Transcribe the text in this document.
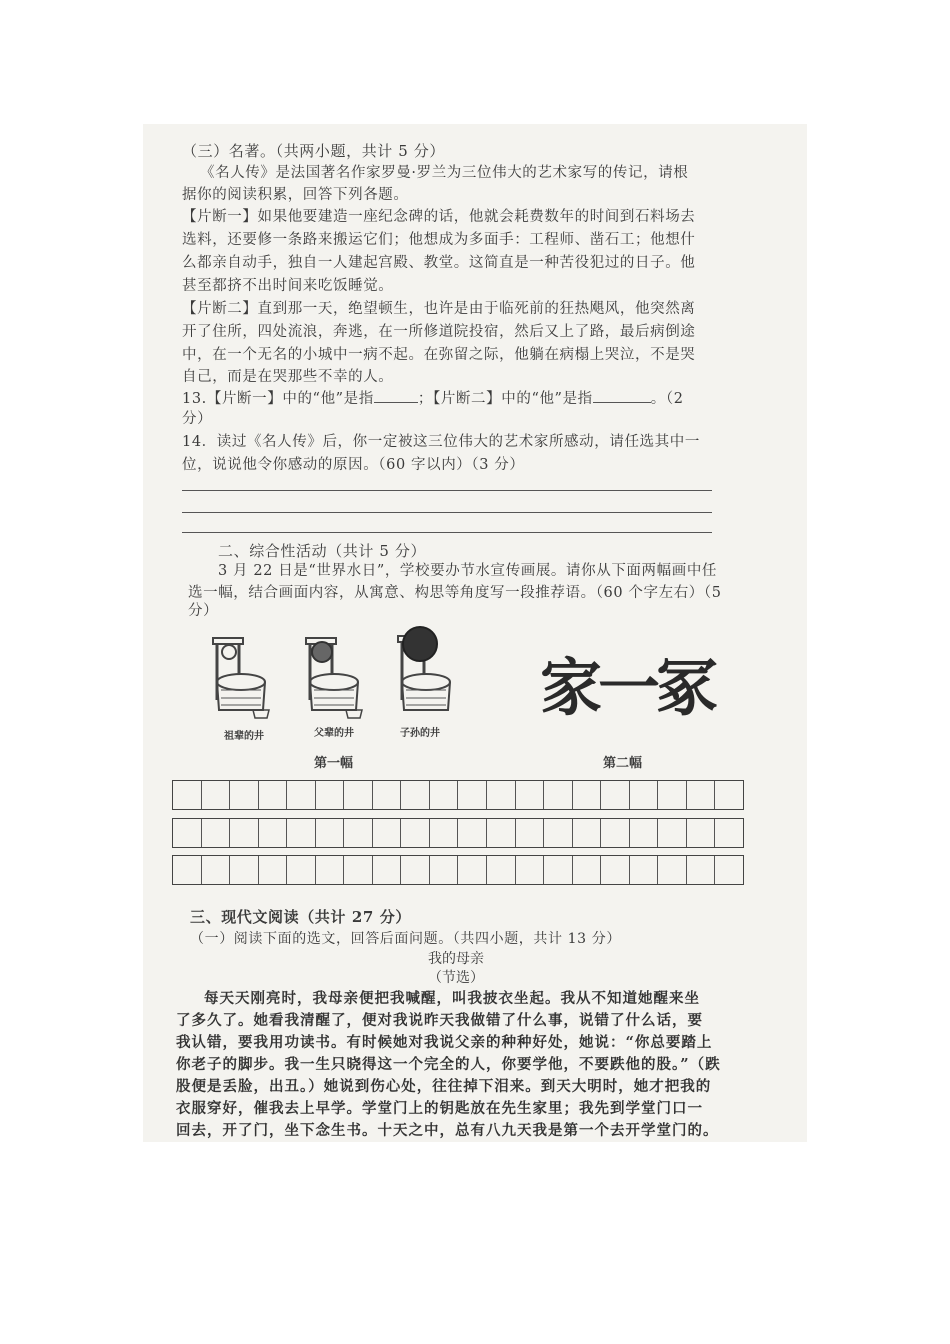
（三）名著。（共两小题，共计 5 分）
《名人传》是法国著名作家罗曼·罗兰为三位伟大的艺术家写的传记，请根
据你的阅读积累，回答下列各题。
【片断一】如果他要建造一座纪念碑的话，他就会耗费数年的时间到石料场去
选料，还要修一条路来搬运它们；他想成为多面手：工程师、凿石工；他想什
么都亲自动手，独自一人建起宫殿、教堂。这简直是一种苦役犯过的日子。他
甚至都挤不出时间来吃饭睡觉。
【片断二】直到那一天，绝望顿生，也许是由于临死前的狂热飓风，他突然离
开了住所，四处流浪，奔逃，在一所修道院投宿，然后又上了路，最后病倒途
中，在一个无名的小城中一病不起。在弥留之际，他躺在病榻上哭泣，不是哭
自己，而是在哭那些不幸的人。
13.【片断一】中的“他”是指	；【片断二】中的“他”是指	。（2
分）
14．读过《名人传》后，你一定被这三位伟大的艺术家所感动，请任选其中一
位，说说他令你感动的原因。（60 字以内）（3 分）
二、综合性活动（共计 5 分）
3 月 22 日是“世界水日”，学校要办节水宣传画展。请你从下面两幅画中任
选一幅，结合画面内容，从寓意、构思等角度写一段推荐语。（60 个字左右）（5
分）
祖辈的井	父辈的井	子孙的井
家一冢
第一幅	第二幅
三、现代文阅读（共计 27 分）
（一）阅读下面的选文，回答后面问题。（共四小题，共计 13 分）
我的母亲
（节选）
每天天刚亮时，我母亲便把我喊醒，叫我披衣坐起。我从不知道她醒来坐
了多久了。她看我清醒了，便对我说昨天我做错了什么事，说错了什么话，要
我认错，要我用功读书。有时候她对我说父亲的种种好处，她说：“你总要踏上
你老子的脚步。我一生只晓得这一个完全的人，你要学他，不要跌他的股。”（跌
股便是丢脸，出丑。）她说到伤心处，往往掉下泪来。到天大明时，她才把我的
衣服穿好，催我去上早学。学堂门上的钥匙放在先生家里；我先到学堂门口一
回去，开了门，坐下念生书。十天之中，总有八九天我是第一个去开学堂门的。
